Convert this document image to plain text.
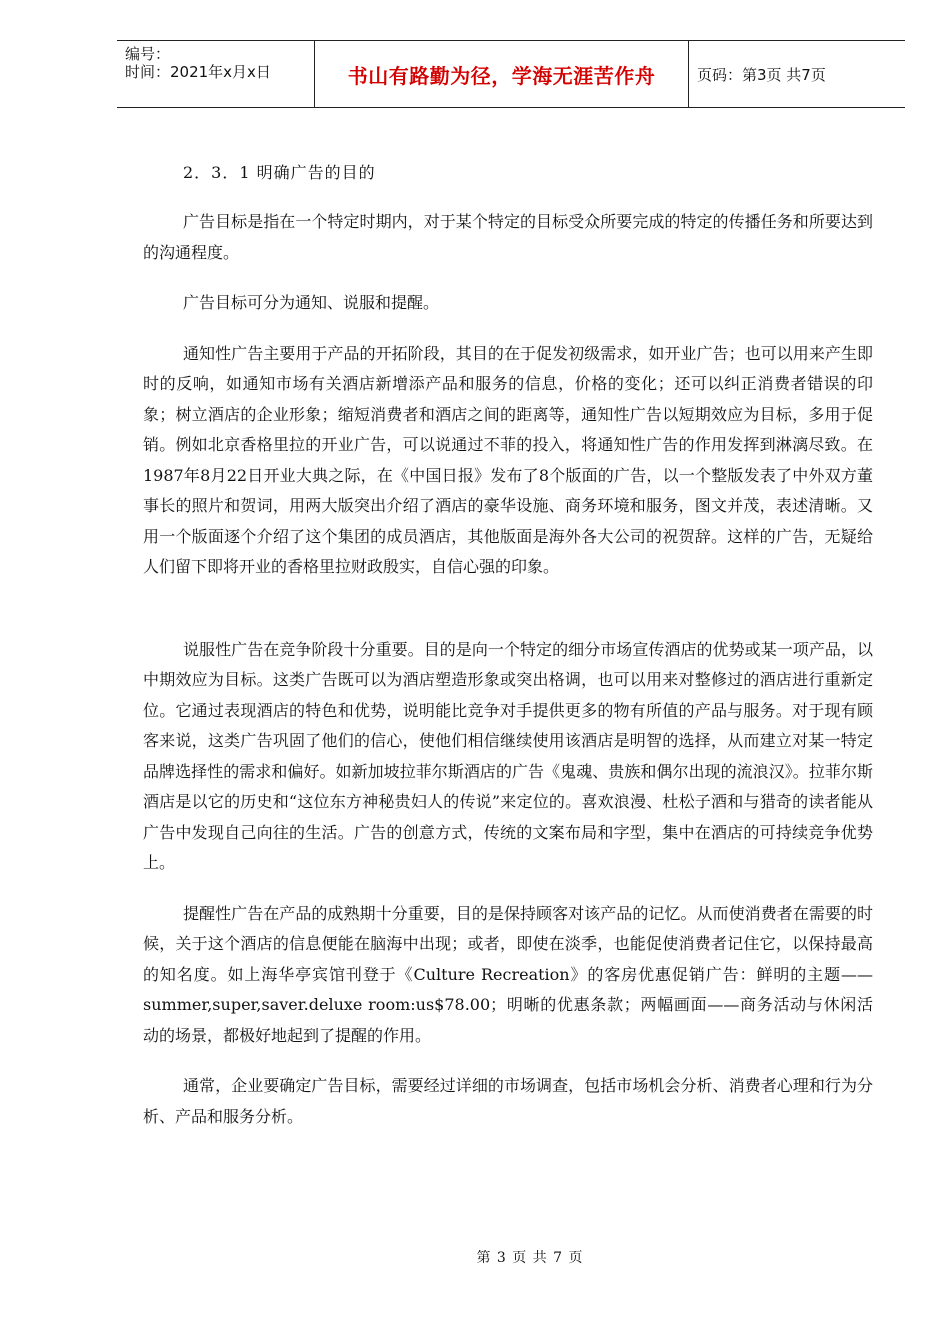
编号：
时间：2021年x月x日	书山有路勤为径，学海无涯苦作舟	页码：第3页 共7页
2．3．1 明确广告的目的

广告目标是指在一个特定时期内，对于某个特定的目标受众所要完成的特定的传播任务和所要达到的沟通程度。

广告目标可分为通知、说服和提醒。

通知性广告主要用于产品的开拓阶段，其目的在于促发初级需求，如开业广告；也可以用来产生即时的反响，如通知市场有关酒店新增添产品和服务的信息，价格的变化；还可以纠正消费者错误的印象；树立酒店的企业形象；缩短消费者和酒店之间的距离等，通知性广告以短期效应为目标，多用于促销。例如北京香格里拉的开业广告，可以说通过不菲的投入，将通知性广告的作用发挥到淋漓尽致。在1987年8月22日开业大典之际，在《中国日报》发布了8个版面的广告，以一个整版发表了中外双方董事长的照片和贺词，用两大版突出介绍了酒店的豪华设施、商务环境和服务，图文并茂，表述清晰。又用一个版面逐个介绍了这个集团的成员酒店，其他版面是海外各大公司的祝贺辞。这样的广告，无疑给人们留下即将开业的香格里拉财政殷实，自信心强的印象。

说服性广告在竞争阶段十分重要。目的是向一个特定的细分市场宣传酒店的优势或某一项产品，以中期效应为目标。这类广告既可以为酒店塑造形象或突出格调，也可以用来对整修过的酒店进行重新定位。它通过表现酒店的特色和优势，说明能比竞争对手提供更多的物有所值的产品与服务。对于现有顾客来说，这类广告巩固了他们的信心，使他们相信继续使用该酒店是明智的选择，从而建立对某一特定品牌选择性的需求和偏好。如新加坡拉菲尔斯酒店的广告《鬼魂、贵族和偶尔出现的流浪汉》。拉菲尔斯酒店是以它的历史和“这位东方神秘贵妇人的传说”来定位的。喜欢浪漫、杜松子酒和与猎奇的读者能从广告中发现自己向往的生活。广告的创意方式，传统的文案布局和字型，集中在酒店的可持续竞争优势上。

提醒性广告在产品的成熟期十分重要，目的是保持顾客对该产品的记忆。从而使消费者在需要的时候，关于这个酒店的信息便能在脑海中出现；或者，即使在淡季，也能促使消费者记住它，以保持最高的知名度。如上海华亭宾馆刊登于《Culture Recreation》的客房优惠促销广告：鲜明的主题——summer,super,saver.deluxe room:us$78.00；明晰的优惠条款；两幅画面——商务活动与休闲活动的场景，都极好地起到了提醒的作用。

通常，企业要确定广告目标，需要经过详细的市场调查，包括市场机会分析、消费者心理和行为分析、产品和服务分析。

第 3 页 共 7 页
